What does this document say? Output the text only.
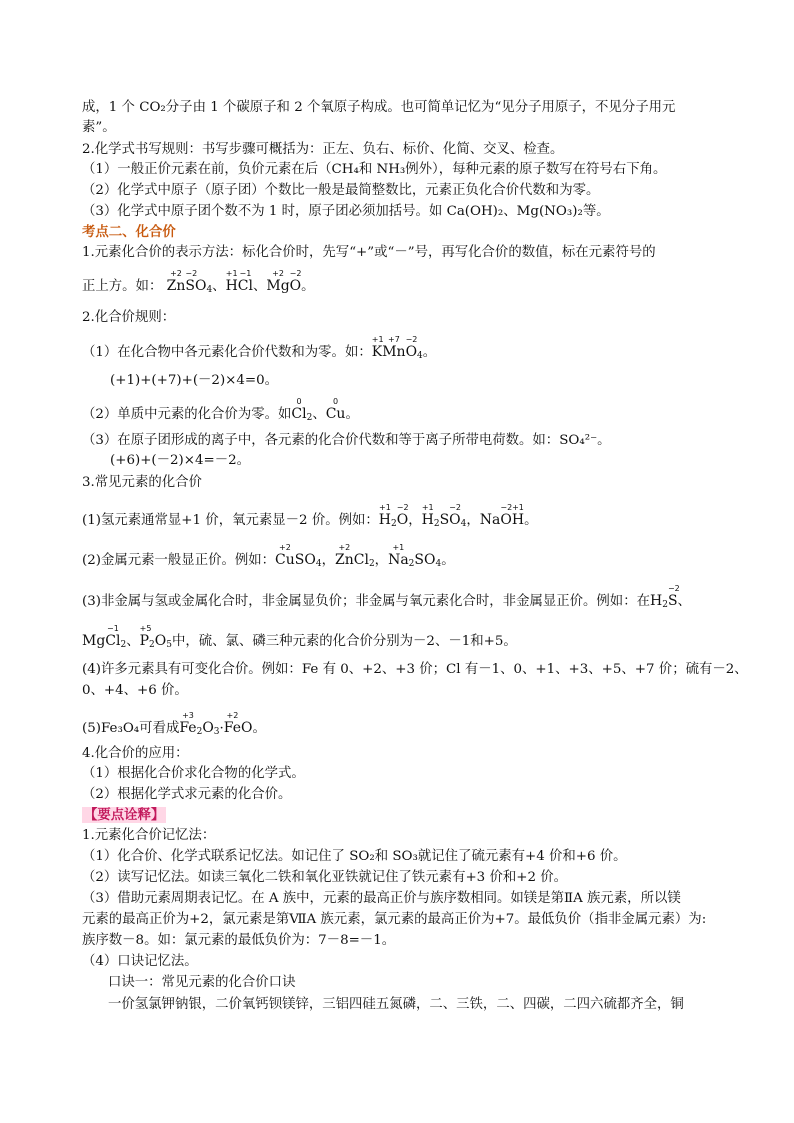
成，1 个 CO₂分子由 1 个碳原子和 2 个氧原子构成。也可简单记忆为“见分子用原子，不见分子用元
素”。
2.化学式书写规则：书写步骤可概括为：正左、负右、标价、化简、交叉、检查。
（1）一般正价元素在前，负价元素在后（CH₄和 NH₃例外），每种元素的原子数写在符号右下角。
（2）化学式中原子（原子团）个数比一般是最简整数比，元素正负化合价代数和为零。
（3）化学式中原子团个数不为 1 时，原子团必须加括号。如 Ca(OH)₂、Mg(NO₃)₂等。
考点二、化合价
1.元素化合价的表示方法：标化合价时，先写“+”或“－”号，再写化合价的数值，标在元素符号的
正上方。如：
+2
Zn
−2
S
$O_4$、
+1
H
−1
Cl、
+2
Mg
−2
O。
2.化合价规则：
（1）在化合物中各元素化合价代数和为零。如：
+1
K
+7
Mn
−2
$O_4$。
(+1)+(+7)+(－2)×4=0。
（2）单质中元素的化合价为零。如
0
$Cl_2$、
0
Cu。
（3）在原子团形成的离子中，各元素的化合价代数和等于离子所带电荷数。如：SO₄²⁻。
(+6)+(－2)×4=－2。
3.常见元素的化合价
(1)氢元素通常显+1 价，氧元素显－2 价。例如：
+1
$H_2$
−2
O，
+1
$H_2$
S
−2
$O_4$，
Na
−2
O
+1
H。
(2)金属元素一般显正价。例如：
+2
Cu
$SO_4$，
+2
Zn
$Cl_2$，
+1
$Na_2$
$SO_4$。
(3)非金属与氢或金属化合时，非金属显负价；非金属与氧元素化合时，非金属显正价。例如：在
$H_2$
−2
S、
Mg
−1
$Cl_2$、
+5
$P_2$
$O_5$中，硫、氯、磷三种元素的化合价分别为－2、－1和+5。
(4)许多元素具有可变化合价。例如：Fe 有 0、+2、+3 价；Cl 有－1、0、+1、+3、+5、+7 价；硫有－2、
0、+4、+6 价。
(5)Fe₃O₄可看成
+3
$Fe_2$
$O_3\cdot$
+2
Fe
O。
4.化合价的应用：
（1）根据化合价求化合物的化学式。
（2）根据化学式求元素的化合价。
【要点诠释】
1.元素化合价记忆法：
（1）化合价、化学式联系记忆法。如记住了 SO₂和 SO₃就记住了硫元素有+4 价和+6 价。
（2）读写记忆法。如读三氧化二铁和氧化亚铁就记住了铁元素有+3 价和+2 价。
（3）借助元素周期表记忆。在 A 族中，元素的最高正价与族序数相同。如镁是第ⅡA 族元素，所以镁
元素的最高正价为+2，氯元素是第ⅦA 族元素，氯元素的最高正价为+7。最低负价（指非金属元素）为:
族序数－8。如：氯元素的最低负价为：7－8=－1。
（4）口诀记忆法。
口诀一：常见元素的化合价口诀
一价氢氯钾钠银，二价氧钙钡镁锌，三铝四硅五氮磷，二、三铁，二、四碳，二四六硫都齐全，铜
